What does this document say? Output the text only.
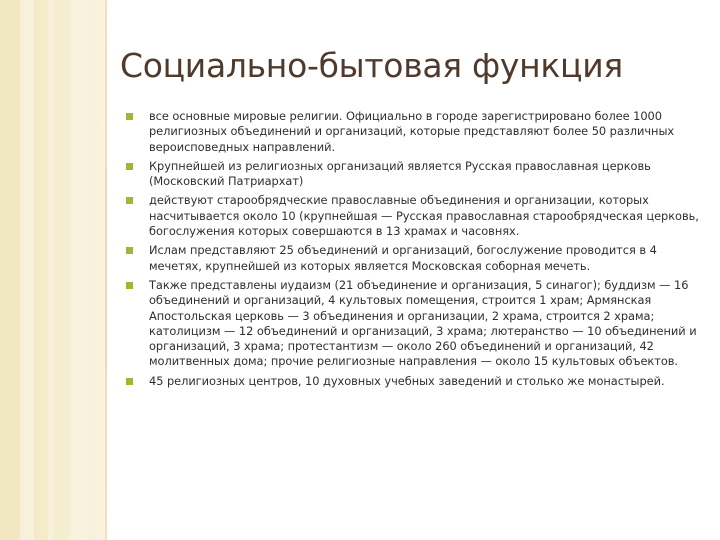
Социально-бытовая функция
все основные мировые религии. Официально в городе зарегистрировано более 1000 религиозных объединений и организаций, которые представляют более 50 различных вероисповедных направлений.
Крупнейшей из религиозных организаций является Русская православная церковь (Московский Патриархат)
действуют старообрядческие православные объединения и организации, которых насчитывается около 10 (крупнейшая — Русская православная старообрядческая церковь, богослужения которых совершаются в 13 храмах и часовнях.
Ислам представляют 25 объединений и организаций, богослужение проводится в 4 мечетях, крупнейшей из которых является Московская соборная мечеть.
Также представлены иудаизм (21 объединение и организация, 5 синагог); буддизм — 16 объединений и организаций, 4 культовых помещения, строится 1 храм; Армянская Апостольская церковь — 3 объединения и организации, 2 храма, строится 2 храма; католицизм — 12 объединений и организаций, 3 храма; лютеранство — 10 объединений и организаций, 3 храма; протестантизм — около 260 объединений и организаций, 42 молитвенных дома; прочие религиозные направления — около 15 культовых объектов.
45 религиозных центров, 10 духовных учебных заведений и столько же монастырей.
